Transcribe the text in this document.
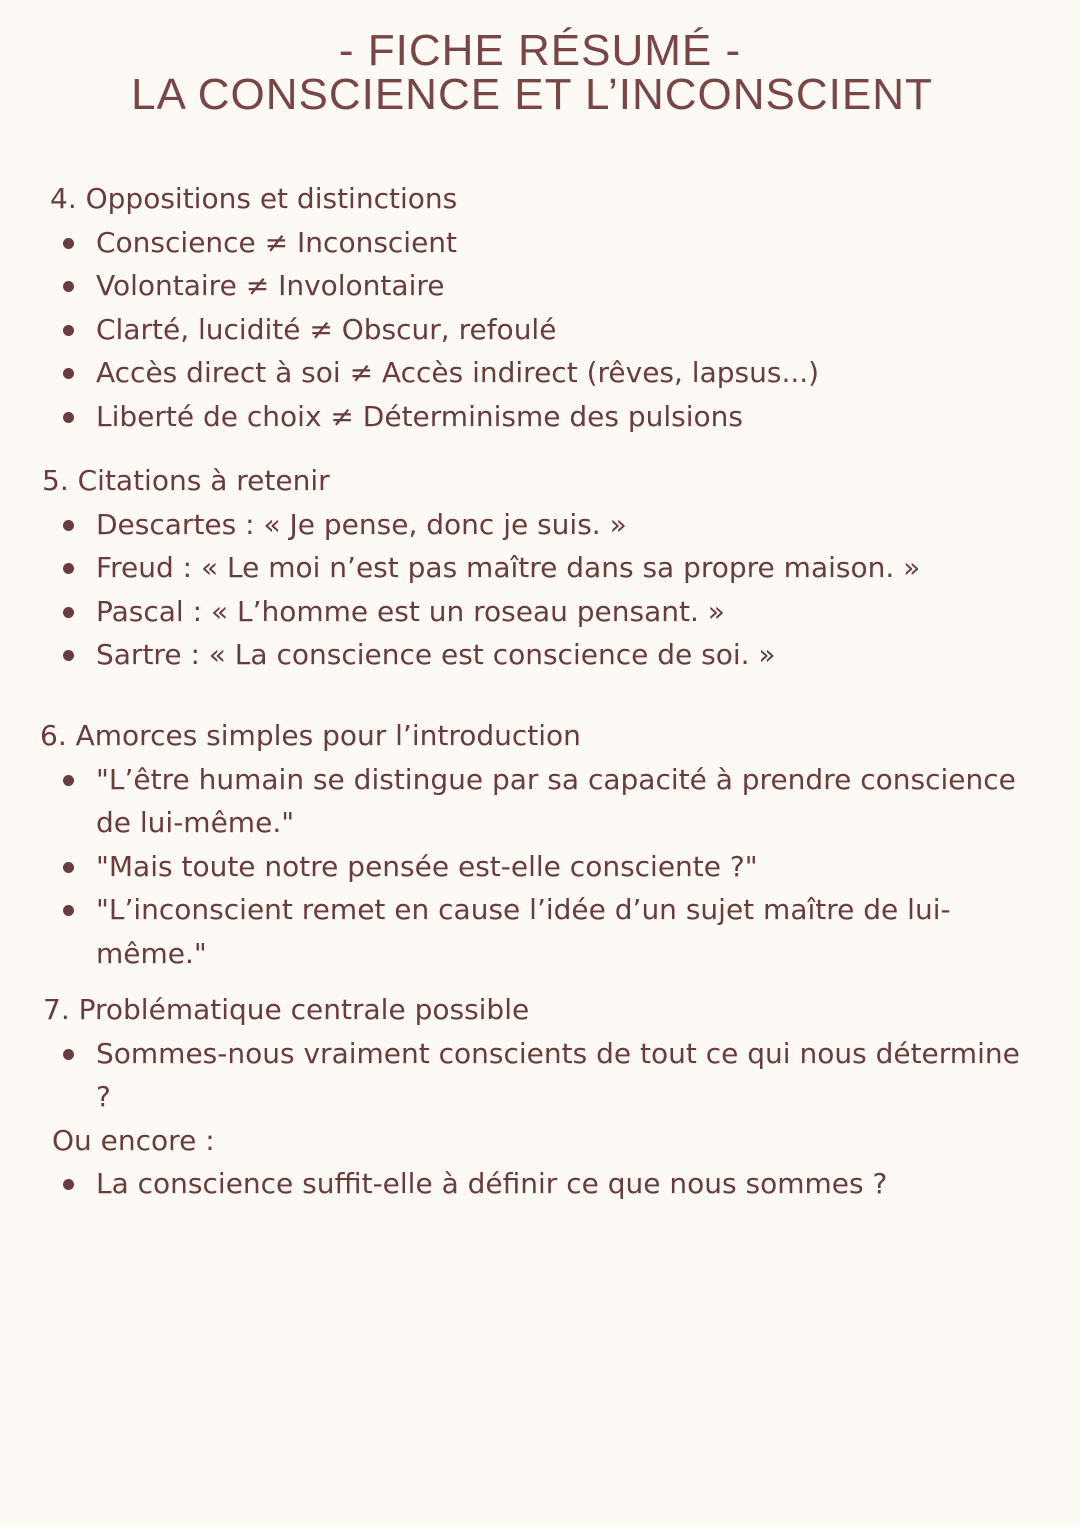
- FICHE RÉSUMÉ -
LA CONSCIENCE ET L’INCONSCIENT

4. Oppositions et distinctions

Conscience ≠ Inconscient
Volontaire ≠ Involontaire
Clarté, lucidité ≠ Obscur, refoulé
Accès direct à soi ≠ Accès indirect (rêves, lapsus...)
Liberté de choix ≠ Déterminisme des pulsions

5. Citations à retenir

Descartes : « Je pense, donc je suis. »
Freud : « Le moi n’est pas maître dans sa propre maison. »
Pascal : « L’homme est un roseau pensant. »
Sartre : « La conscience est conscience de soi. »

6. Amorces simples pour l’introduction

"L’être humain se distingue par sa capacité à prendre conscience de lui-même."
"Mais toute notre pensée est-elle consciente ?"
"L’inconscient remet en cause l’idée d’un sujet maître de lui-même."

7. Problématique centrale possible

Sommes-nous vraiment conscients de tout ce qui nous détermine ?

Ou encore :

La conscience suffit-elle à définir ce que nous sommes ?
